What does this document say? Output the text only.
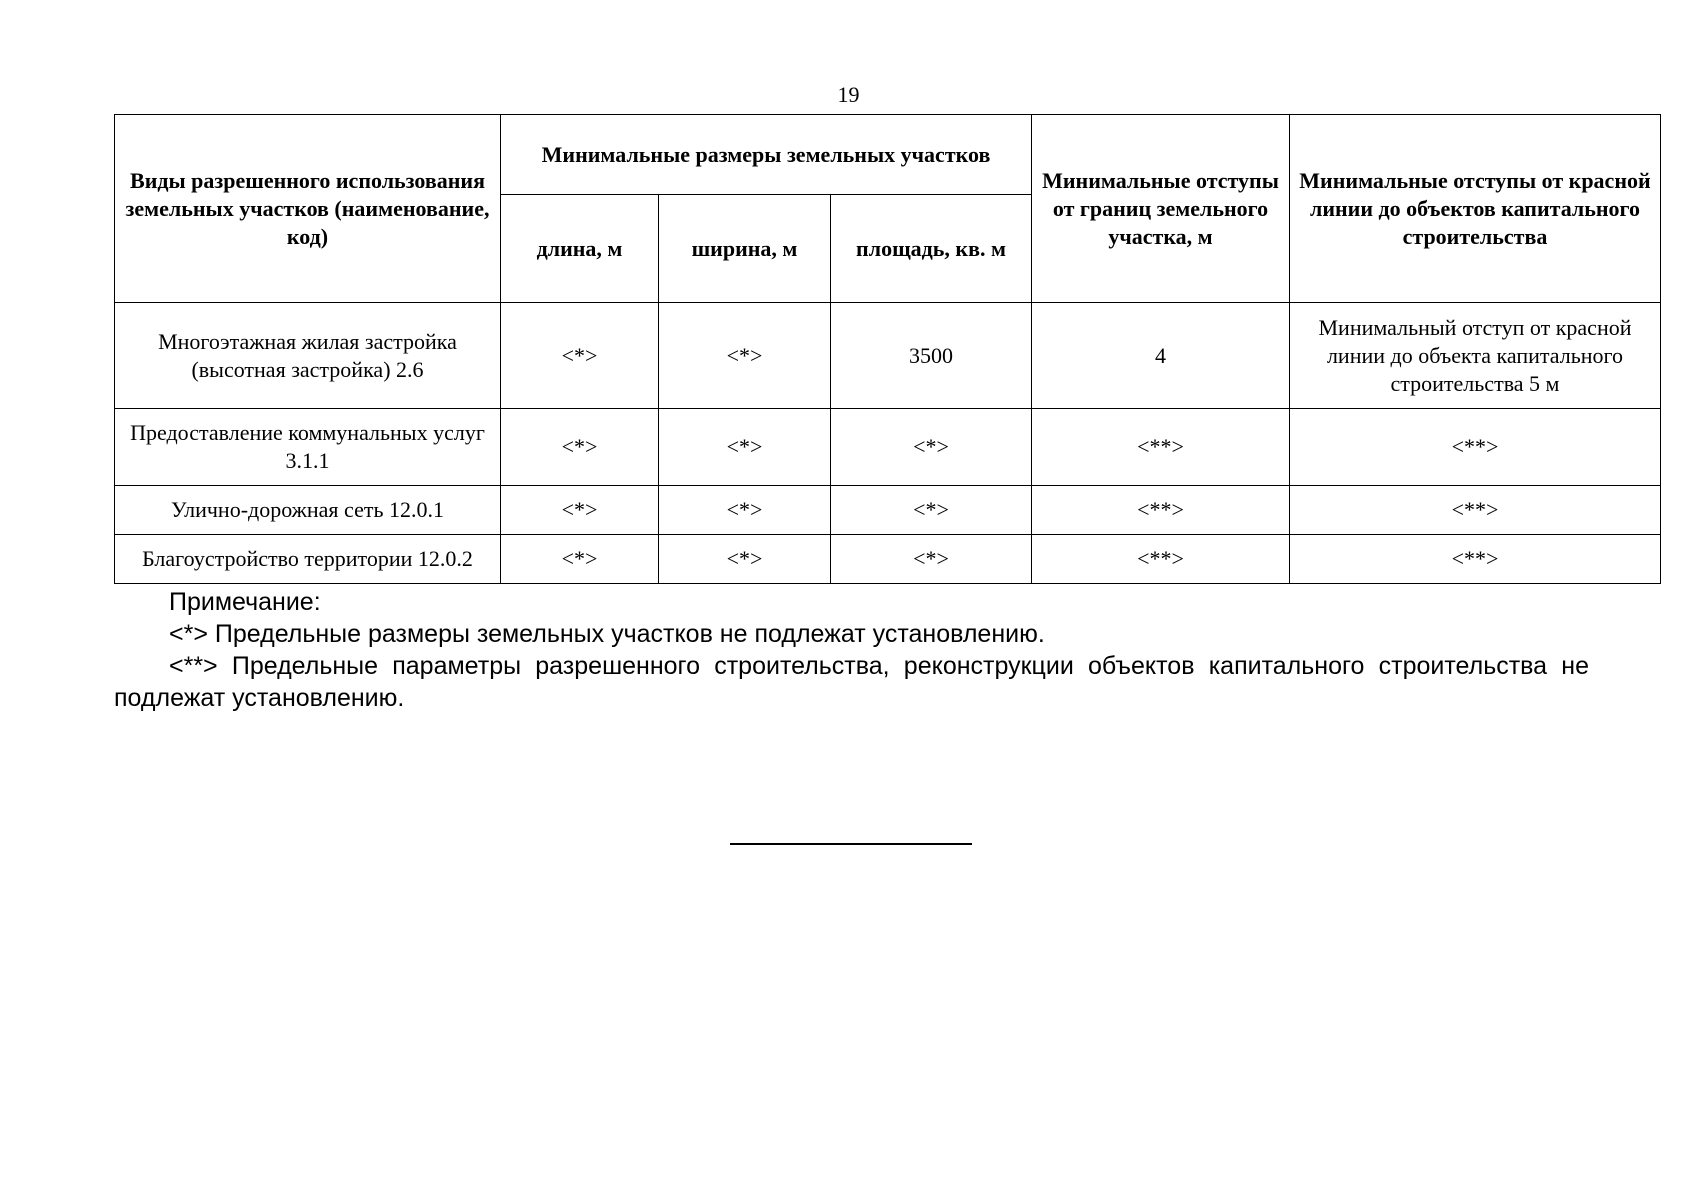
19
Виды разрешенного использования земельных участков (наименование, код)	Минимальные размеры земельных участков			Минимальные отступы от границ земельного участка, м	Минимальные отступы от красной линии до объектов капитального строительства
	длина, м	ширина, м	площадь, кв. м		
Многоэтажная жилая застройка (высотная застройка) 2.6	<*>	<*>	3500	4	Минимальный отступ от красной линии до объекта капитального строительства 5 м
Предоставление коммунальных услуг 3.1.1	<*>	<*>	<*>	<**>	<**>
Улично-дорожная сеть 12.0.1	<*>	<*>	<*>	<**>	<**>
Благоустройство территории 12.0.2	<*>	<*>	<*>	<**>	<**>

Примечание:

<*> Предельные размеры земельных участков не подлежат установлению.

<**> Предельные параметры разрешенного строительства, реконструкции объектов капитального строительства не подлежат установлению.
